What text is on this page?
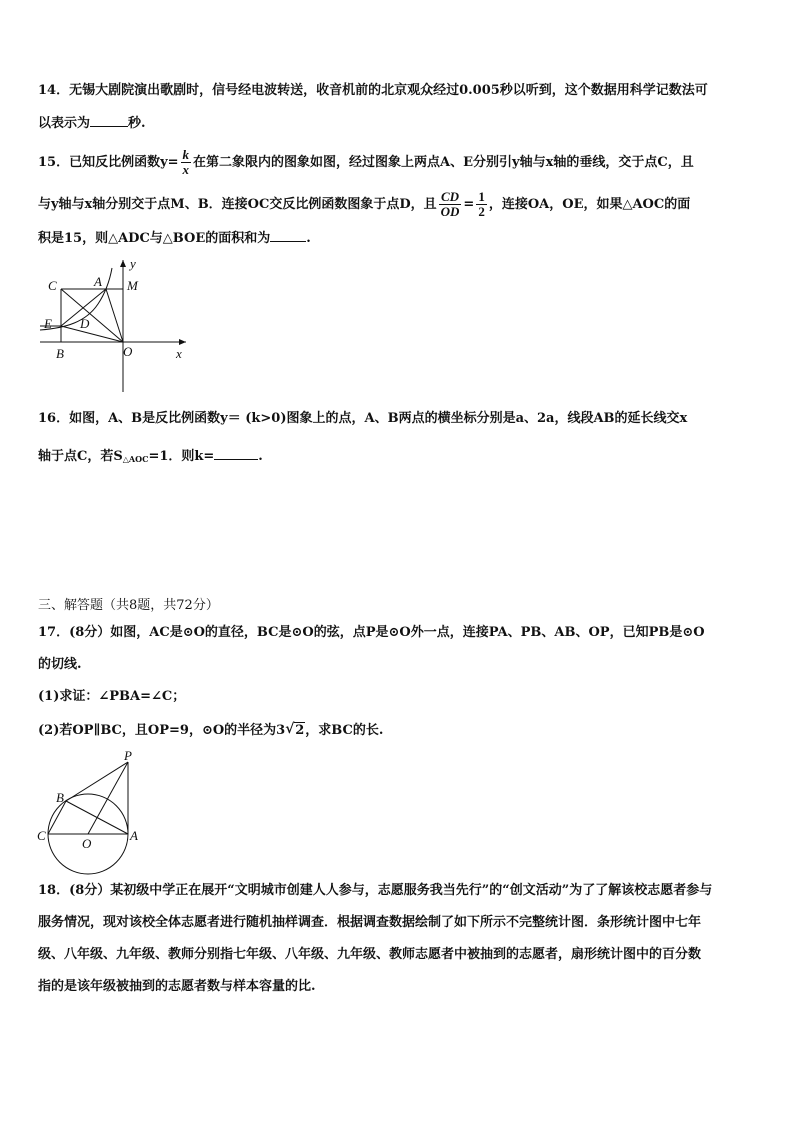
14．无锡大剧院演出歌剧时，信号经电波转送，收音机前的北京观众经过0.005秒以听到，这个数据用科学记数法可
以表示为	秒.
15．已知反比例函数$y= \frac{k}{x}$ 在第二象限内的图象如图，经过图象上两点A、E分别引y轴与x轴的垂线，交于点C，且
与y轴与x轴分别交于点M、B．连接OC交反比例函数图象于点D，且 $\frac{CD}{OD} = \frac{1}{2}$ ，连接OA，OE，如果△AOC的面
积是15，则△ADC与△BOE的面积和为	.
C	A M
y
E D
B	O	x
16．如图，A、B是反比例函数y＝ (k>0)图象上的点，A、B两点的横坐标分别是a、2a，线段AB的延长线交x
轴于点C，若$S_{\triangle AOC}=1$．则k=	.
三、解答题（共8题，共72分）
17．(8分）如图，AC是⊙O的直径，BC是⊙O的弦，点P是⊙O外一点，连接PA、PB、AB、OP，已知PB是⊙O
的切线.
(1)求证：∠PBA=∠C；
(2)若OP∥BC，且OP=9，⊙O的半径为3 √ 2，求BC的长.
P
B
C
O
A
18．(8分）某初级中学正在展开“文明城市创建人人参与，志愿服务我当先行”的“创文活动”为了了解该校志愿者参与
服务情况，现对该校全体志愿者进行随机抽样调查．根据调查数据绘制了如下所示不完整统计图．条形统计图中七年
级、八年级、九年级、教师分别指七年级、八年级、九年级、教师志愿者中被抽到的志愿者，扇形统计图中的百分数
指的是该年级被抽到的志愿者数与样本容量的比.
